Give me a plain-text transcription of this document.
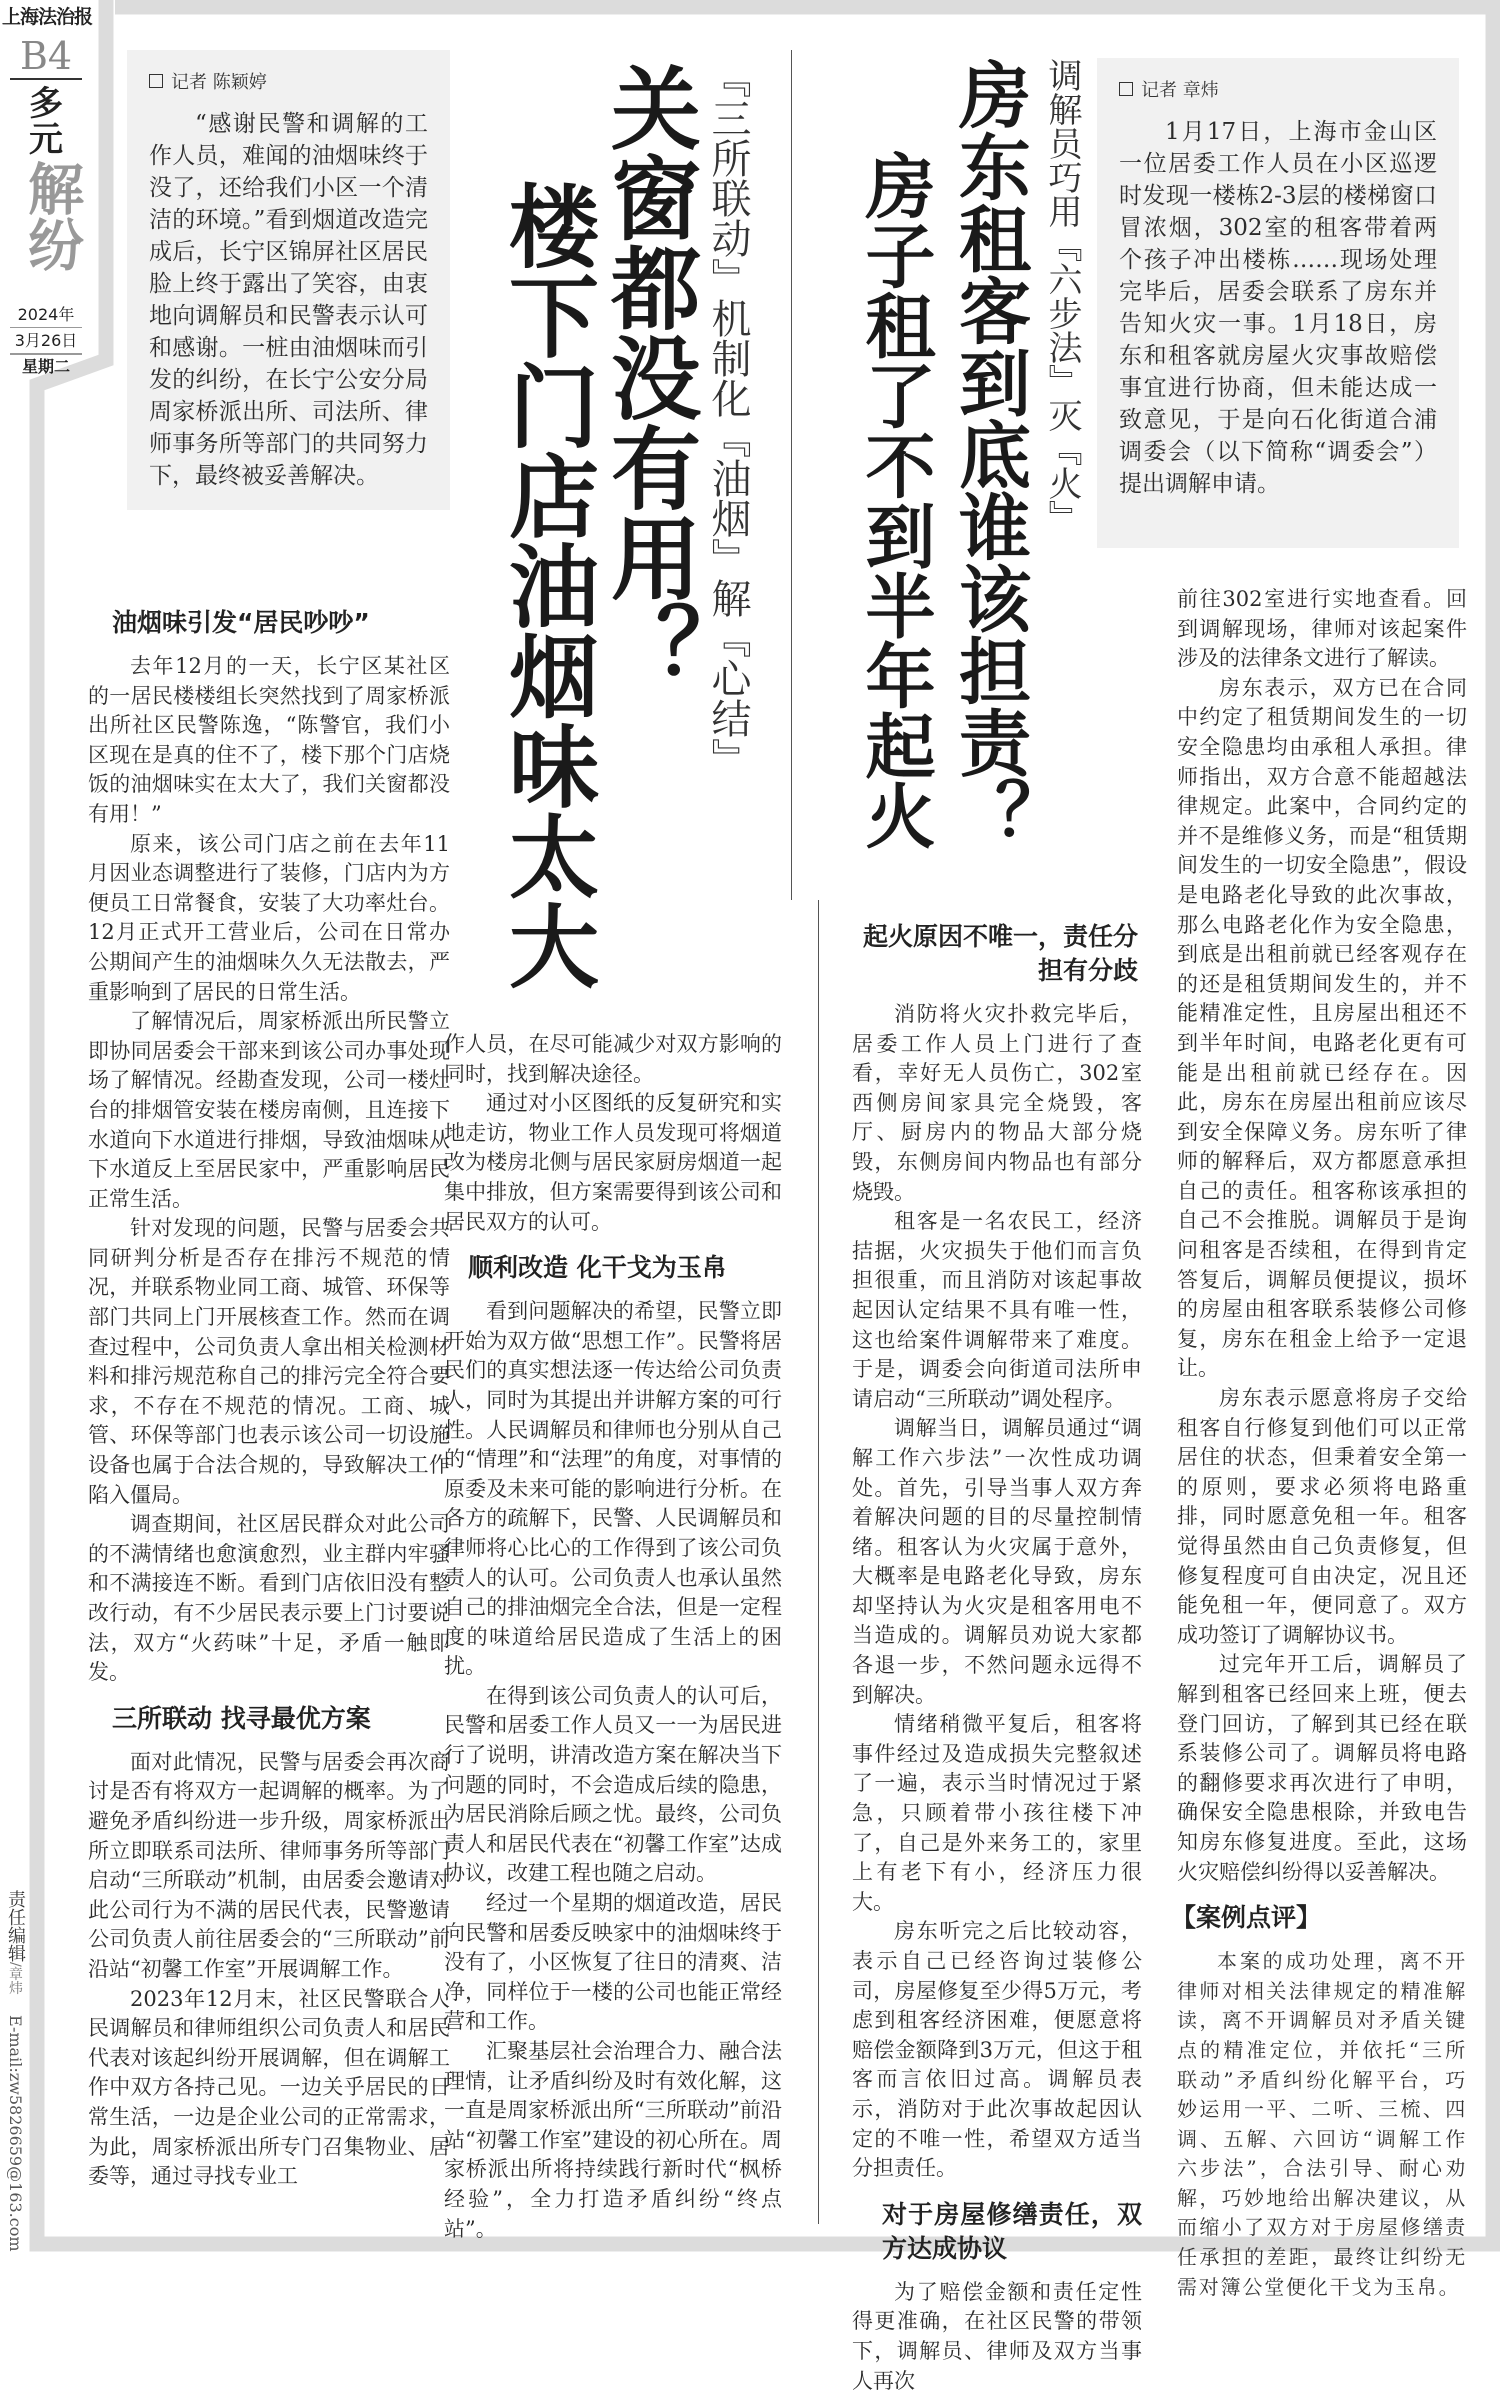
上海法治报
B4
多元
解纷
2024年
3月26日
星期二
责任编辑/章炜E-mail:zw5826659@163.com
记者 陈颖婷

“感谢民警和调解的工作人员，难闻的油烟味终于没了，还给我们小区一个清洁的环境。”看到烟道改造完成后，长宁区锦屏社区居民脸上终于露出了笑容，由衷地向调解员和民警表示认可和感谢。一桩由油烟味而引发的纠纷，在长宁公安分局周家桥派出所、司法所、律师事务所等部门的共同努力下，最终被妥善解决。	『三所联动』机制化『油烟』解『心结』
关窗都没有用？
楼下门店油烟味太大
油烟味引发“居民吵吵”

去年12月的一天，长宁区某社区的一居民楼楼组长突然找到了周家桥派出所社区民警陈逸，“陈警官，我们小区现在是真的住不了，楼下那个门店烧饭的油烟味实在太大了，我们关窗都没有用！”

原来，该公司门店之前在去年11月因业态调整进行了装修，门店内为方便员工日常餐食，安装了大功率灶台。12月正式开工营业后，公司在日常办公期间产生的油烟味久久无法散去，严重影响到了居民的日常生活。

了解情况后，周家桥派出所民警立即协同居委会干部来到该公司办事处现场了解情况。经勘查发现，公司一楼灶台的排烟管安装在楼房南侧，且连接下水道向下水道进行排烟，导致油烟味从下水道反上至居民家中，严重影响居民正常生活。

针对发现的问题，民警与居委会共同研判分析是否存在排污不规范的情况，并联系物业同工商、城管、环保等部门共同上门开展核查工作。然而在调查过程中，公司负责人拿出相关检测材料和排污规范称自己的排污完全符合要求，不存在不规范的情况。工商、城管、环保等部门也表示该公司一切设施设备也属于合法合规的，导致解决工作陷入僵局。

调查期间，社区居民群众对此公司的不满情绪也愈演愈烈，业主群内牢骚和不满接连不断。看到门店依旧没有整改行动，有不少居民表示要上门讨要说法，双方“火药味”十足，矛盾一触即发。

三所联动 找寻最优方案

面对此情况，民警与居委会再次商讨是否有将双方一起调解的概率。为了避免矛盾纠纷进一步升级，周家桥派出所立即联系司法所、律师事务所等部门启动“三所联动”机制，由居委会邀请对此公司行为不满的居民代表，民警邀请公司负责人前往居委会的“三所联动”前沿站“初馨工作室”开展调解工作。

2023年12月末，社区民警联合人民调解员和律师组织公司负责人和居民代表对该起纠纷开展调解，但在调解工作中双方各持己见。一边关乎居民的日常生活，一边是企业公司的正常需求，为此，周家桥派出所专门召集物业、居委等，通过寻找专业工

作人员，在尽可能减少对双方影响的同时，找到解决途径。

通过对小区图纸的反复研究和实地走访，物业工作人员发现可将烟道改为楼房北侧与居民家厨房烟道一起集中排放，但方案需要得到该公司和居民双方的认可。

顺利改造 化干戈为玉帛

看到问题解决的希望，民警立即开始为双方做“思想工作”。民警将居民们的真实想法逐一传达给公司负责人，同时为其提出并讲解方案的可行性。人民调解员和律师也分别从自己的“情理”和“法理”的角度，对事情的原委及未来可能的影响进行分析。在各方的疏解下，民警、人民调解员和律师将心比心的工作得到了该公司负责人的认可。公司负责人也承认虽然自己的排油烟完全合法，但是一定程度的味道给居民造成了生活上的困扰。

在得到该公司负责人的认可后，民警和居委工作人员又一一为居民进行了说明，讲清改造方案在解决当下问题的同时，不会造成后续的隐患，为居民消除后顾之忧。最终，公司负责人和居民代表在“初馨工作室”达成协议，改建工程也随之启动。

经过一个星期的烟道改造，居民向民警和居委反映家中的油烟味终于没有了，小区恢复了往日的清爽、洁净，同样位于一楼的公司也能正常经营和工作。

汇聚基层社会治理合力、融合法理情，让矛盾纠纷及时有效化解，这一直是周家桥派出所“三所联动”前沿站“初馨工作室”建设的初心所在。周家桥派出所将持续践行新时代“枫桥经验”，全力打造矛盾纠纷“终点站”。

调解员巧用『六步法』灭『火』
房东租客到底谁该担责？
房子租了不到半年起火
记者 章炜

1月17日，上海市金山区一位居委工作人员在小区巡逻时发现一楼栋2-3层的楼梯窗口冒浓烟，302室的租客带着两个孩子冲出楼栋……现场处理完毕后，居委会联系了房东并告知火灾一事。1月18日，房东和租客就房屋火灾事故赔偿事宜进行协商，但未能达成一致意见，于是向石化街道合浦调委会（以下简称“调委会”）提出调解申请。

起火原因不唯一，责任分担有分歧

消防将火灾扑救完毕后，居委工作人员上门进行了查看，幸好无人员伤亡，302室西侧房间家具完全烧毁，客厅、厨房内的物品大部分烧毁，东侧房间内物品也有部分烧毁。

租客是一名农民工，经济拮据，火灾损失于他们而言负担很重，而且消防对该起事故起因认定结果不具有唯一性，这也给案件调解带来了难度。于是，调委会向街道司法所申请启动“三所联动”调处程序。

调解当日，调解员通过“调解工作六步法”一次性成功调处。首先，引导当事人双方奔着解决问题的目的尽量控制情绪。租客认为火灾属于意外，大概率是电路老化导致，房东却坚持认为火灾是租客用电不当造成的。调解员劝说大家都各退一步，不然问题永远得不到解决。

情绪稍微平复后，租客将事件经过及造成损失完整叙述了一遍，表示当时情况过于紧急，只顾着带小孩往楼下冲了，自己是外来务工的，家里上有老下有小，经济压力很大。

房东听完之后比较动容，表示自己已经咨询过装修公司，房屋修复至少得5万元，考虑到租客经济困难，便愿意将赔偿金额降到3万元，但这于租客而言依旧过高。调解员表示，消防对于此次事故起因认定的不唯一性，希望双方适当分担责任。

对于房屋修缮责任，双方达成协议

为了赔偿金额和责任定性得更准确，在社区民警的带领下，调解员、律师及双方当事人再次

前往302室进行实地查看。回到调解现场，律师对该起案件涉及的法律条文进行了解读。

房东表示，双方已在合同中约定了租赁期间发生的一切安全隐患均由承租人承担。律师指出，双方合意不能超越法律规定。此案中，合同约定的并不是维修义务，而是“租赁期间发生的一切安全隐患”，假设是电路老化导致的此次事故，那么电路老化作为安全隐患，到底是出租前就已经客观存在的还是租赁期间发生的，并不能精准定性，且房屋出租还不到半年时间，电路老化更有可能是出租前就已经存在。因此，房东在房屋出租前应该尽到安全保障义务。房东听了律师的解释后，双方都愿意承担自己的责任。租客称该承担的自己不会推脱。调解员于是询问租客是否续租，在得到肯定答复后，调解员便提议，损坏的房屋由租客联系装修公司修复，房东在租金上给予一定退让。

房东表示愿意将房子交给租客自行修复到他们可以正常居住的状态，但秉着安全第一的原则，要求必须将电路重排，同时愿意免租一年。租客觉得虽然由自己负责修复，但修复程度可自由决定，况且还能免租一年，便同意了。双方成功签订了调解协议书。

过完年开工后，调解员了解到租客已经回来上班，便去登门回访，了解到其已经在联系装修公司了。调解员将电路的翻修要求再次进行了申明，确保安全隐患根除，并致电告知房东修复进度。至此，这场火灾赔偿纠纷得以妥善解决。

【案例点评】

本案的成功处理，离不开律师对相关法律规定的精准解读，离不开调解员对矛盾关键点的精准定位，并依托“三所联动”矛盾纠纷化解平台，巧妙运用一平、二听、三梳、四调、五解、六回访“调解工作六步法”，合法引导、耐心劝解，巧妙地给出解决建议，从而缩小了双方对于房屋修缮责任承担的差距，最终让纠纷无需对簿公堂便化干戈为玉帛。
